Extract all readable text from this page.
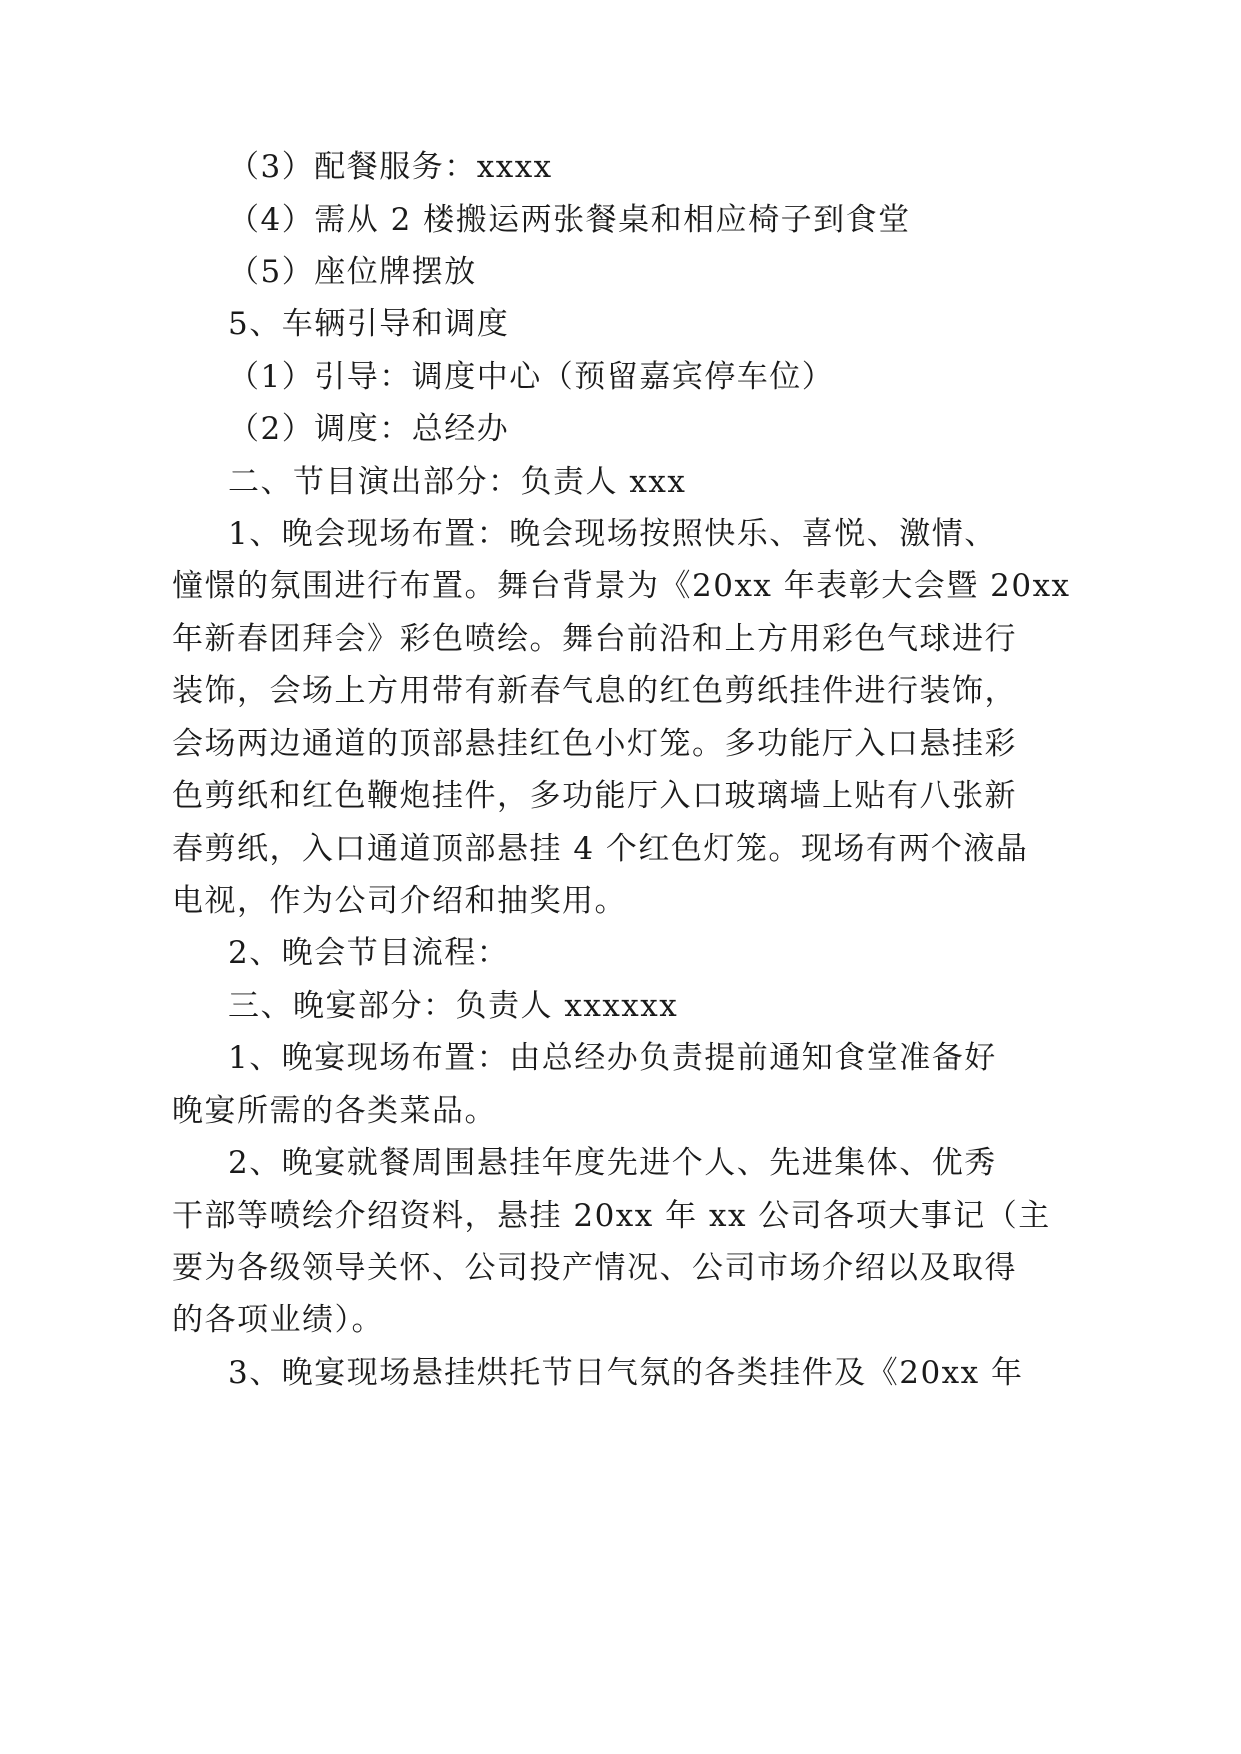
（3）配餐服务：xxxx

（4）需从 2 楼搬运两张餐桌和相应椅子到食堂

（5）座位牌摆放

5、车辆引导和调度

（1）引导：调度中心（预留嘉宾停车位）

（2）调度：总经办

二、节目演出部分：负责人 xxx

1、晚会现场布置：晚会现场按照快乐、喜悦、激情、

憧憬的氛围进行布置。舞台背景为《20xx 年表彰大会暨 20xx

年新春团拜会》彩色喷绘。舞台前沿和上方用彩色气球进行

装饰，会场上方用带有新春气息的红色剪纸挂件进行装饰，

会场两边通道的顶部悬挂红色小灯笼。多功能厅入口悬挂彩

色剪纸和红色鞭炮挂件，多功能厅入口玻璃墙上贴有八张新

春剪纸，入口通道顶部悬挂 4 个红色灯笼。现场有两个液晶

电视，作为公司介绍和抽奖用。

2、晚会节目流程：

三、晚宴部分：负责人 xxxxxx

1、晚宴现场布置：由总经办负责提前通知食堂准备好

晚宴所需的各类菜品。

2、晚宴就餐周围悬挂年度先进个人、先进集体、优秀

干部等喷绘介绍资料，悬挂 20xx 年 xx 公司各项大事记（主

要为各级领导关怀、公司投产情况、公司市场介绍以及取得

的各项业绩）。

3、晚宴现场悬挂烘托节日气氛的各类挂件及《20xx 年
